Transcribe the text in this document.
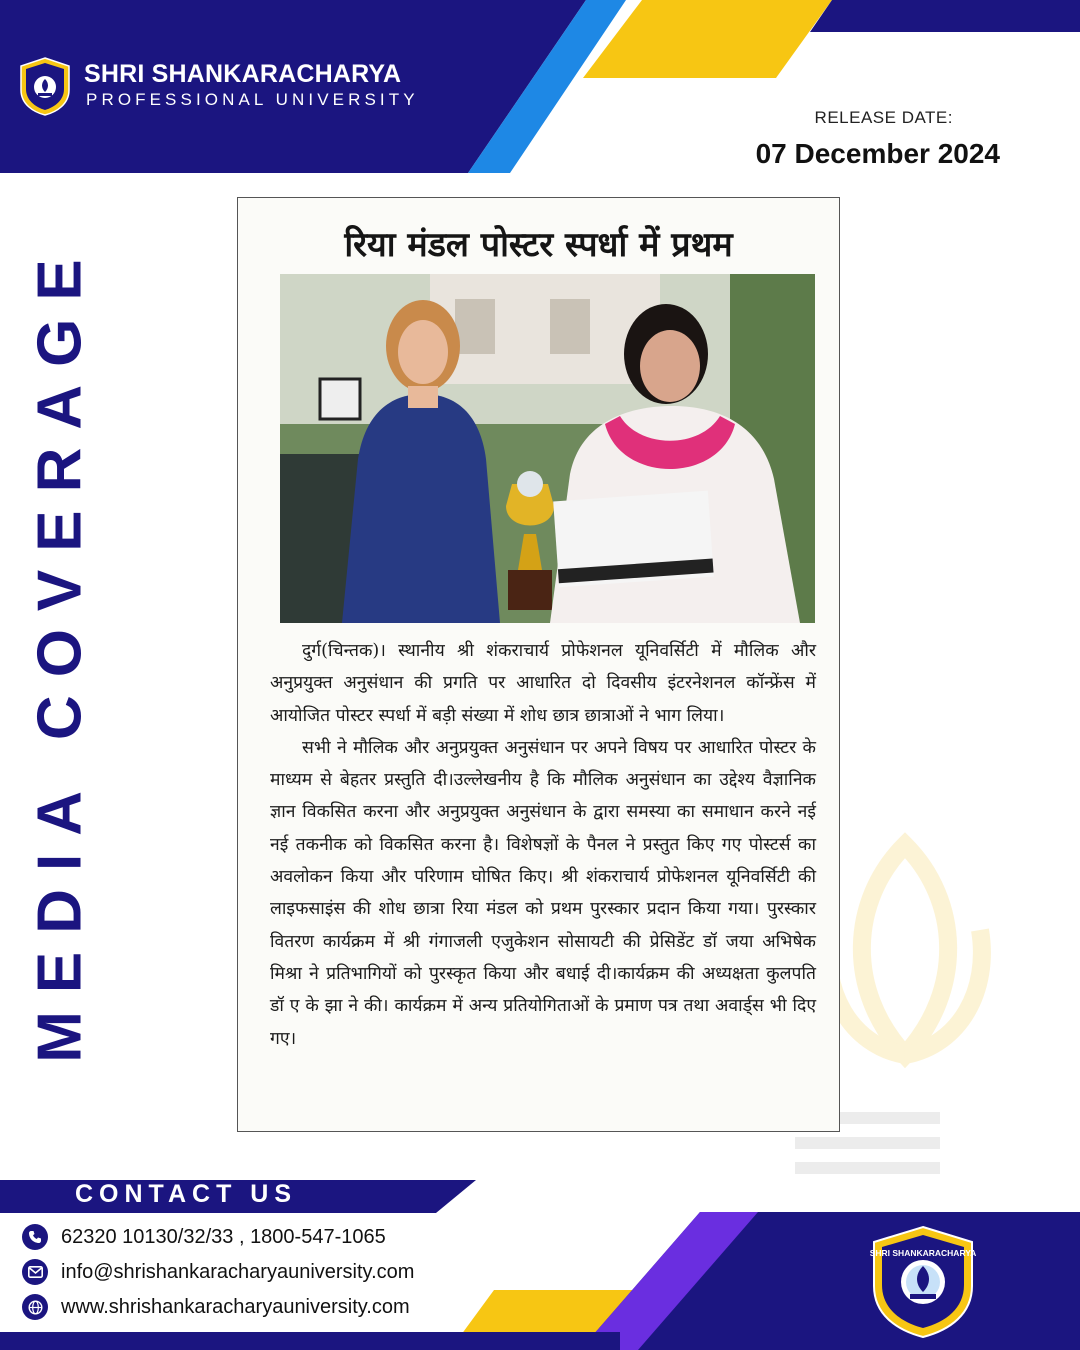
SHRI SHANKARACHARYA
PROFESSIONAL UNIVERSITY
RELEASE DATE:
07 December 2024
MEDIA COVERAGE	रिया मंडल पोस्टर स्पर्धा में प्रथम

दुर्ग(चिन्तक)। स्थानीय श्री शंकराचार्य प्रोफेशनल यूनिवर्सिटी में मौलिक और अनुप्रयुक्त अनुसंधान की प्रगति पर आधारित दो दिवसीय इंटरनेशनल कॉन्फ्रेंस में आयोजित पोस्टर स्पर्धा में बड़ी संख्या में शोध छात्र छात्राओं ने भाग लिया।

सभी ने मौलिक और अनुप्रयुक्त अनुसंधान पर अपने विषय पर आधारित पोस्टर के माध्यम से बेहतर प्रस्तुति दी।उल्लेखनीय है कि मौलिक अनुसंधान का उद्देश्य वैज्ञानिक ज्ञान विकसित करना और अनुप्रयुक्त अनुसंधान के द्वारा समस्या का समाधान करने नई नई तकनीक को विकसित करना है। विशेषज्ञों के पैनल ने प्रस्तुत किए गए पोस्टर्स का अवलोकन किया और परिणाम घोषित किए। श्री शंकराचार्य प्रोफेशनल यूनिवर्सिटी की लाइफसाइंस की शोध छात्रा रिया मंडल को प्रथम पुरस्कार प्रदान किया गया। पुरस्कार वितरण कार्यक्रम में श्री गंगाजली एजुकेशन सोसायटी की प्रेसिडेंट डॉ जया अभिषेक मिश्रा ने प्रतिभागियों को पुरस्कृत किया और बधाई दी।कार्यक्रम की अध्यक्षता कुलपति डॉ ए के झा ने की। कार्यक्रम में अन्य प्रतियोगिताओं के प्रमाण पत्र तथा अवार्ड्स भी दिए गए।

CONTACT US
62320 10130/32/33 , 1800-547-1065
info@shrishankaracharyauniversity.com
www.shrishankaracharyauniversity.com
SHRI SHANKARACHARYA
